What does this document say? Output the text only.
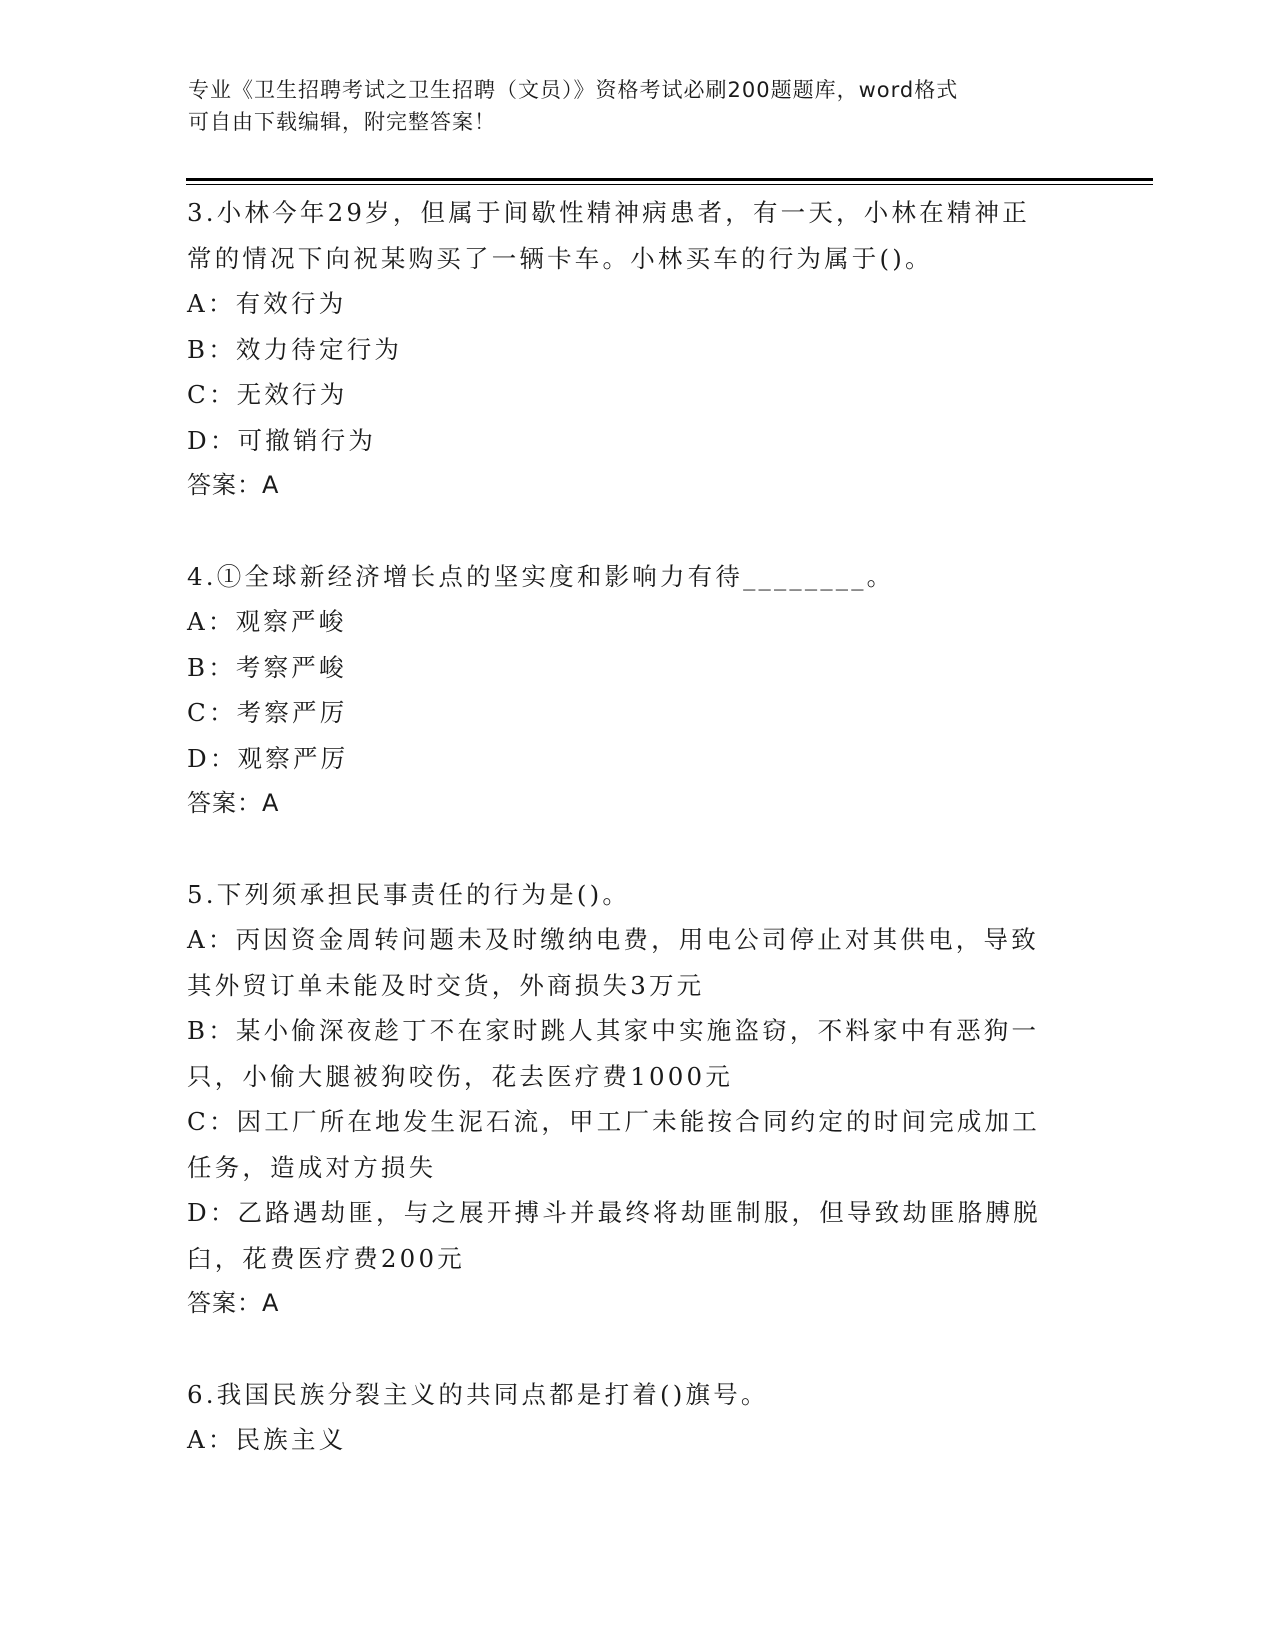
专业《卫生招聘考试之卫生招聘（文员）》资格考试必刷200题题库，word格式
可自由下载编辑，附完整答案！
3.小林今年29岁，但属于间歇性精神病患者，有一天，小林在精神正
常的情况下向祝某购买了一辆卡车。小林买车的行为属于()。
A：有效行为
B：效力待定行为
C：无效行为
D：可撤销行为
答案：A
4.①全球新经济增长点的坚实度和影响力有待________。
A：观察严峻
B：考察严峻
C：考察严厉
D：观察严厉
答案：A
5.下列须承担民事责任的行为是()。
A：丙因资金周转问题未及时缴纳电费，用电公司停止对其供电，导致
其外贸订单未能及时交货，外商损失3万元
B：某小偷深夜趁丁不在家时跳人其家中实施盗窃，不料家中有恶狗一
只，小偷大腿被狗咬伤，花去医疗费1000元
C：因工厂所在地发生泥石流，甲工厂未能按合同约定的时间完成加工
任务，造成对方损失
D：乙路遇劫匪，与之展开搏斗并最终将劫匪制服，但导致劫匪胳膊脱
臼，花费医疗费200元
答案：A
6.我国民族分裂主义的共同点都是打着()旗号。
A：民族主义
